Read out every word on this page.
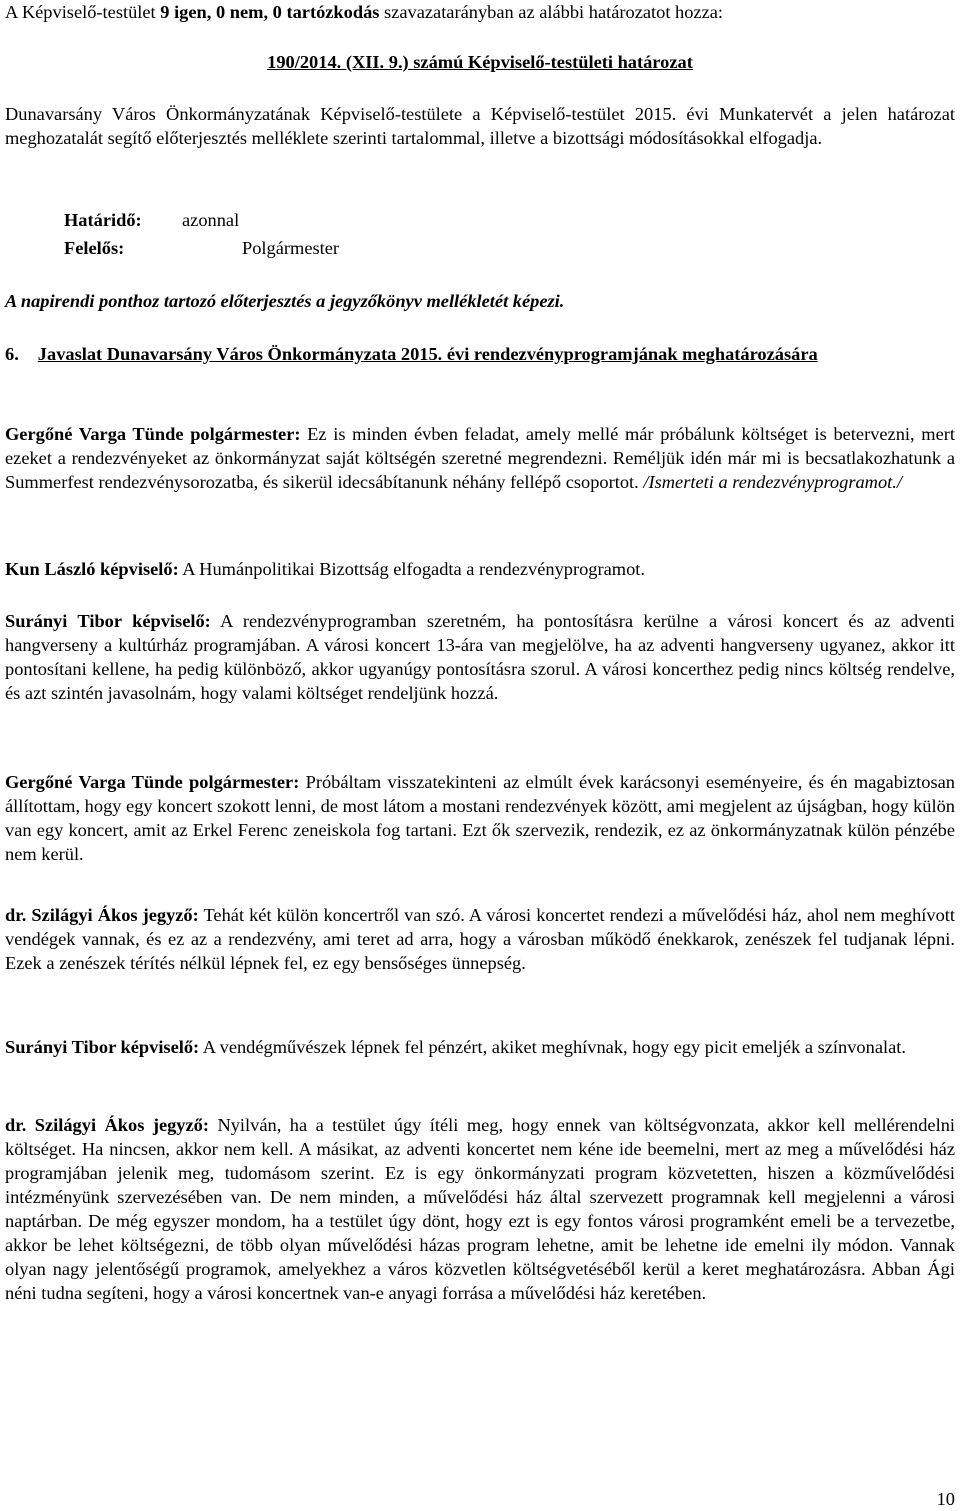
A Képviselő-testület 9 igen, 0 nem, 0 tartózkodás szavazatarányban az alábbi határozatot hozza:

190/2014. (XII. 9.) számú Képviselő-testületi határozat

Dunavarsány Város Önkormányzatának Képviselő-testülete a Képviselő-testület 2015. évi Munkatervét a jelen határozat meghozatalát segítő előterjesztés melléklete szerinti tartalommal, illetve a bizottsági módosításokkal elfogadja.

Határidő: azonnal
Felelős:	Polgármester

A napirendi ponthoz tartozó előterjesztés a jegyzőkönyv mellékletét képezi.

6. Javaslat Dunavarsány Város Önkormányzata 2015. évi rendezvényprogramjának meghatározására

Gergőné Varga Tünde polgármester: Ez is minden évben feladat, amely mellé már próbálunk költséget is betervezni, mert ezeket a rendezvényeket az önkormányzat saját költségén szeretné megrendezni. Reméljük idén már mi is becsatlakozhatunk a Summerfest rendezvénysorozatba, és sikerül idecsábítanunk néhány fellépő csoportot. /Ismerteti a rendezvényprogramot./

Kun László képviselő: A Humánpolitikai Bizottság elfogadta a rendezvényprogramot.

Surányi Tibor képviselő: A rendezvényprogramban szeretném, ha pontosításra kerülne a városi koncert és az adventi hangverseny a kultúrház programjában. A városi koncert 13-ára van megjelölve, ha az adventi hangverseny ugyanez, akkor itt pontosítani kellene, ha pedig különböző, akkor ugyanúgy pontosításra szorul. A városi koncerthez pedig nincs költség rendelve, és azt szintén javasolnám, hogy valami költséget rendeljünk hozzá.

Gergőné Varga Tünde polgármester: Próbáltam visszatekinteni az elmúlt évek karácsonyi eseményeire, és én magabiztosan állítottam, hogy egy koncert szokott lenni, de most látom a mostani rendezvények között, ami megjelent az újságban, hogy külön van egy koncert, amit az Erkel Ferenc zeneiskola fog tartani. Ezt ők szervezik, rendezik, ez az önkormányzatnak külön pénzébe nem kerül.

dr. Szilágyi Ákos jegyző: Tehát két külön koncertről van szó. A városi koncertet rendezi a művelődési ház, ahol nem meghívott vendégek vannak, és ez az a rendezvény, ami teret ad arra, hogy a városban működő énekkarok, zenészek fel tudjanak lépni. Ezek a zenészek térítés nélkül lépnek fel, ez egy bensőséges ünnepség.

Surányi Tibor képviselő: A vendégművészek lépnek fel pénzért, akiket meghívnak, hogy egy picit emeljék a színvonalat.

dr. Szilágyi Ákos jegyző: Nyilván, ha a testület úgy ítéli meg, hogy ennek van költségvonzata, akkor kell mellérendelni költséget. Ha nincsen, akkor nem kell. A másikat, az adventi koncertet nem kéne ide beemelni, mert az meg a művelődési ház programjában jelenik meg, tudomásom szerint. Ez is egy önkormányzati program közvetetten, hiszen a közművelődési intézményünk szervezésében van. De nem minden, a művelődési ház által szervezett programnak kell megjelenni a városi naptárban. De még egyszer mondom, ha a testület úgy dönt, hogy ezt is egy fontos városi programként emeli be a tervezetbe, akkor be lehet költségezni, de több olyan művelődési házas program lehetne, amit be lehetne ide emelni ily módon. Vannak olyan nagy jelentőségű programok, amelyekhez a város közvetlen költségvetéséből kerül a keret meghatározásra. Abban Ági néni tudna segíteni, hogy a városi koncertnek van-e anyagi forrása a művelődési ház keretében.

10
